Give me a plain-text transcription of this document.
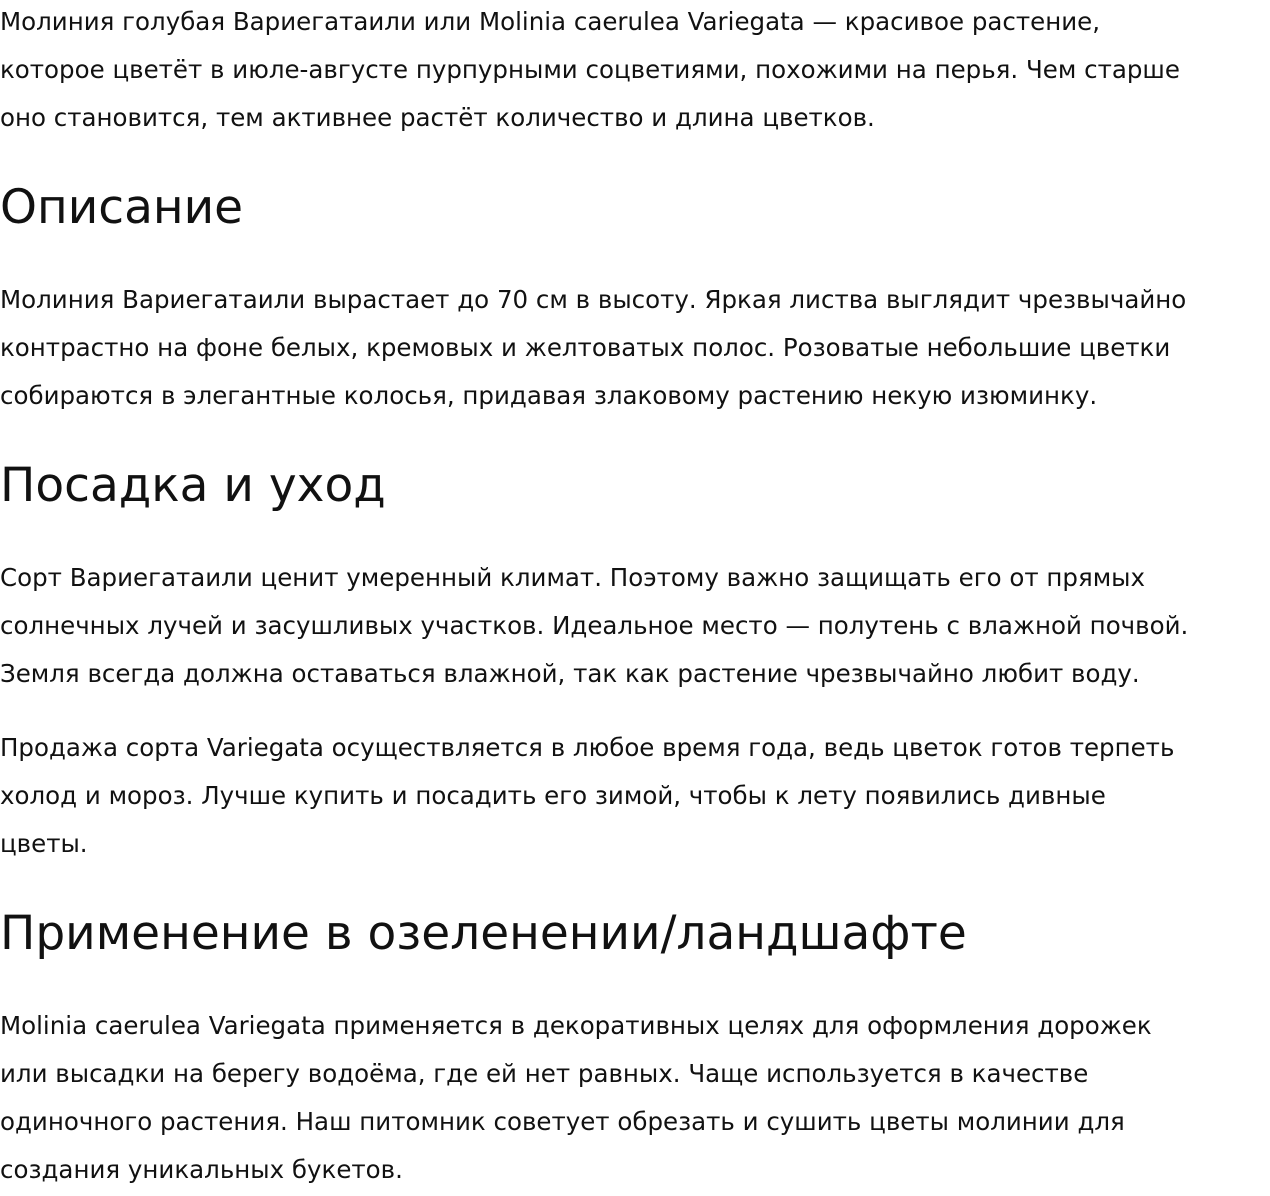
Молиния голубая Вариегатаили или Molinia caerulea Variegata — красивое растение,
которое цветёт в июле-августе пурпурными соцветиями, похожими на перья. Чем старше
оно становится, тем активнее растёт количество и длина цветков.

Описание

Молиния Вариегатаили вырастает до 70 см в высоту. Яркая листва выглядит чрезвычайно
контрастно на фоне белых, кремовых и желтоватых полос. Розоватые небольшие цветки
собираются в элегантные колосья, придавая злаковому растению некую изюминку.

Посадка и уход

Сорт Вариегатаили ценит умеренный климат. Поэтому важно защищать его от прямых
солнечных лучей и засушливых участков. Идеальное место — полутень с влажной почвой.
Земля всегда должна оставаться влажной, так как растение чрезвычайно любит воду.

Продажа сорта Variegata осуществляется в любое время года, ведь цветок готов терпеть
холод и мороз. Лучше купить и посадить его зимой, чтобы к лету появились дивные
цветы.

Применение в озеленении/ландшафте

Molinia caerulea Variegata применяется в декоративных целях для оформления дорожек
или высадки на берегу водоёма, где ей нет равных. Чаще используется в качестве
одиночного растения. Наш питомник советует обрезать и сушить цветы молинии для
создания уникальных букетов.
